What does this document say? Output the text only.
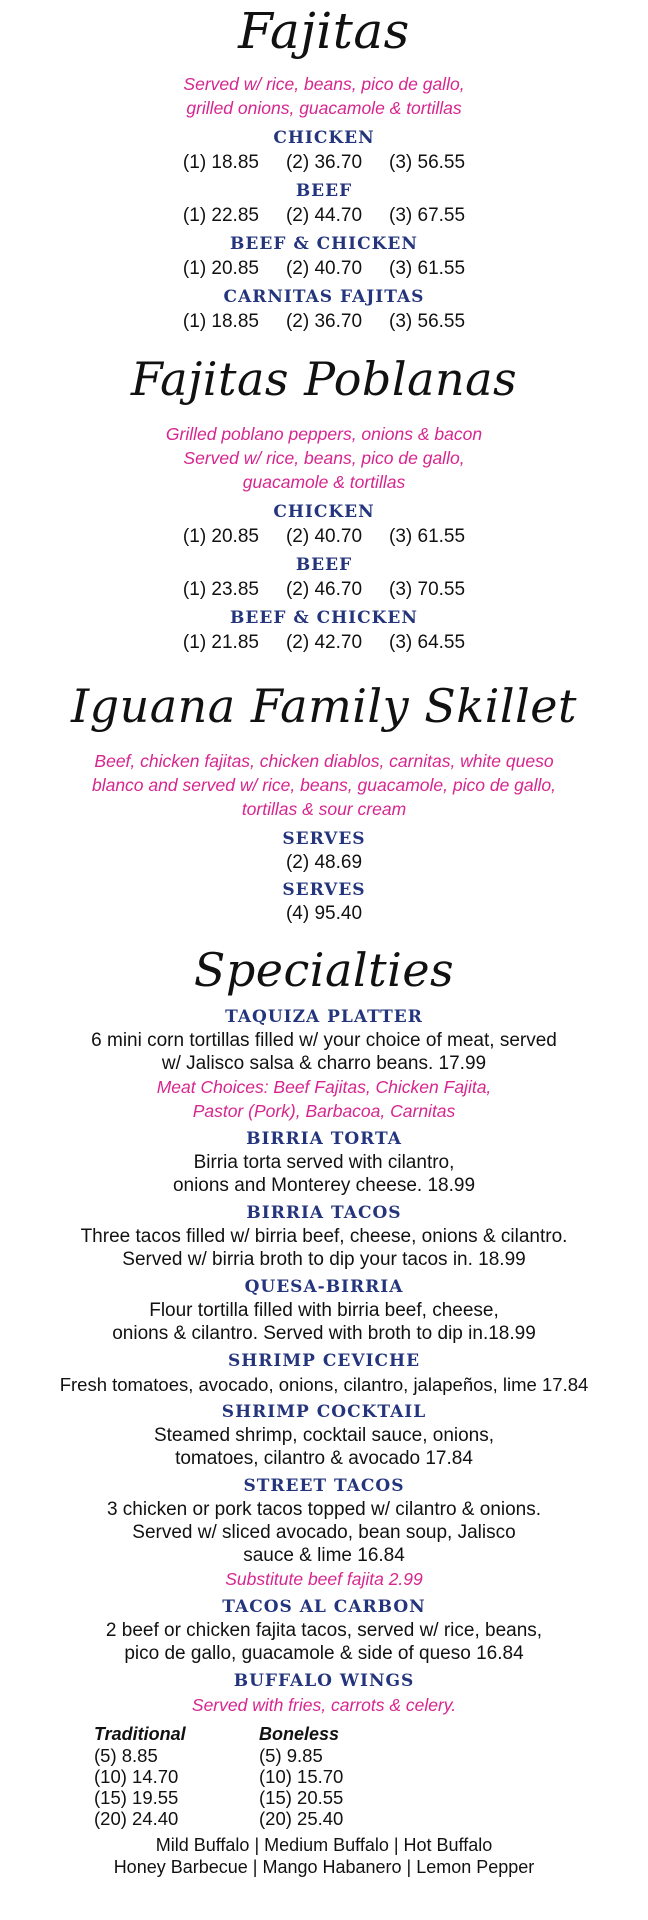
Fajitas
Served w/ rice, beans, pico de gallo,
grilled onions, guacamole & tortillas
CHICKEN
(1) 18.85 (2) 36.70 (3) 56.55
BEEF
(1) 22.85 (2) 44.70 (3) 67.55
BEEF & CHICKEN
(1) 20.85 (2) 40.70 (3) 61.55
CARNITAS FAJITAS
(1) 18.85 (2) 36.70 (3) 56.55
Fajitas Poblanas
Grilled poblano peppers, onions & bacon
Served w/ rice, beans, pico de gallo,
guacamole & tortillas
CHICKEN
(1) 20.85 (2) 40.70 (3) 61.55
BEEF
(1) 23.85 (2) 46.70 (3) 70.55
BEEF & CHICKEN
(1) 21.85 (2) 42.70 (3) 64.55
Iguana Family Skillet
Beef, chicken fajitas, chicken diablos, carnitas, white queso
blanco and served w/ rice, beans, guacamole, pico de gallo,
tortillas & sour cream
SERVES
(2) 48.69
SERVES
(4) 95.40
Specialties
TAQUIZA PLATTER
6 mini corn tortillas filled w/ your choice of meat, served
w/ Jalisco salsa & charro beans. 17.99
Meat Choices: Beef Fajitas, Chicken Fajita,
Pastor (Pork), Barbacoa, Carnitas
BIRRIA TORTA
Birria torta served with cilantro,
onions and Monterey cheese. 18.99
BIRRIA TACOS
Three tacos filled w/ birria beef, cheese, onions & cilantro.
Served w/ birria broth to dip your tacos in. 18.99
QUESA-BIRRIA
Flour tortilla filled with birria beef, cheese,
onions & cilantro. Served with broth to dip in.18.99
SHRIMP CEVICHE
Fresh tomatoes, avocado, onions, cilantro, jalapeños, lime 17.84
SHRIMP COCKTAIL
Steamed shrimp, cocktail sauce, onions,
tomatoes, cilantro & avocado 17.84
STREET TACOS
3 chicken or pork tacos topped w/ cilantro & onions.
Served w/ sliced avocado, bean soup, Jalisco
sauce & lime 16.84
Substitute beef fajita 2.99
TACOS AL CARBON
2 beef or chicken fajita tacos, served w/ rice, beans,
pico de gallo, guacamole & side of queso 16.84
BUFFALO WINGS
Served with fries, carrots & celery.
Traditional
(5) 8.85
(10) 14.70
(15) 19.55
(20) 24.40
Boneless
(5) 9.85
(10) 15.70
(15) 20.55
(20) 25.40
Mild Buffalo | Medium Buffalo | Hot Buffalo
Honey Barbecue | Mango Habanero | Lemon Pepper
